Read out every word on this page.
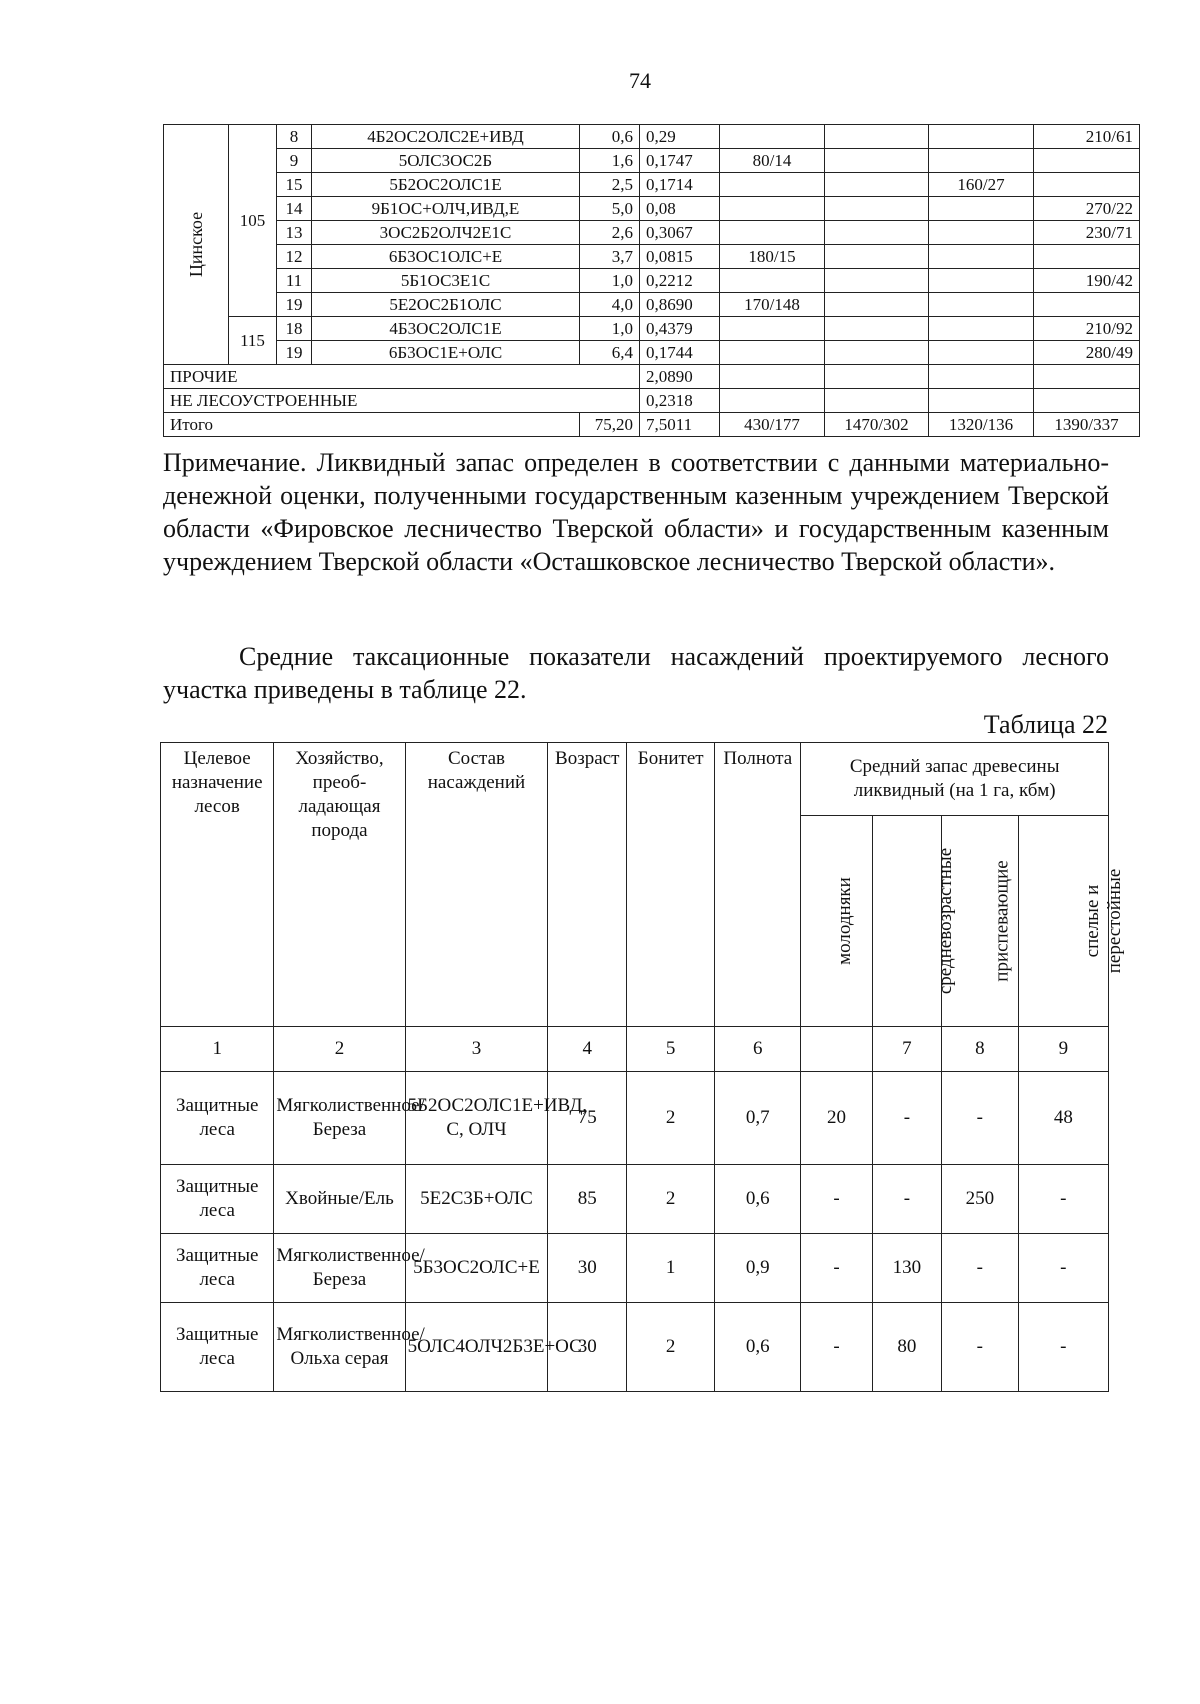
74
Цинское	105	8	4Б2ОС2ОЛС2Е+ИВД	0,6	0,29				210/61
		9	5ОЛС3ОС2Б	1,6	0,1747	80/14			
		15	5Б2ОС2ОЛС1Е	2,5	0,1714			160/27	
		14	9Б1ОС+ОЛЧ,ИВД,Е	5,0	0,08				270/22
		13	3ОС2Б2ОЛЧ2Е1С	2,6	0,3067				230/71
		12	6Б3ОС1ОЛС+Е	3,7	0,0815	180/15			
		11	5Б1ОС3Е1С	1,0	0,2212				190/42
		19	5Е2ОС2Б1ОЛС	4,0	0,8690	170/148			
	115	18	4Б3ОС2ОЛС1Е	1,0	0,4379				210/92
		19	6Б3ОС1Е+ОЛС	6,4	0,1744				280/49
ПРОЧИЕ					2,0890				
НЕ ЛЕСОУСТРОЕННЫЕ					0,2318				
Итого				75,20	7,5011	430/177	1470/302	1320/136	1390/337
Примечание. Ликвидный запас определен в соответствии с данными материально-денежной оценки, полученными государственным казенным учреждением Тверской области «Фировское лесничество Тверской области» и государственным казенным учреждением Тверской области «Осташковское лесничество Тверской области».
Средние таксационные показатели насаждений проектируемого лесного участка приведены в таблице 22.
Таблица 22
Целевое назначение лесов	Хозяйство, преоб-ладающая порода	Состав насаждений	Возраст	Бонитет	Полнота	Средний запас древесины ликвидный (на 1 га, кбм)			
						молодняки	средневозрастные	приспевающие	спелые и перестойные
1	2	3	4	5	6		7	8	9
Защитные леса	Мягколиственное/ Береза	5Б2ОС2ОЛС1Е+ИВД, С, ОЛЧ	75	2	0,7	20	-	-	48
Защитные леса	Хвойные/Ель	5Е2С3Б+ОЛС	85	2	0,6	-	-	250	-
Защитные леса	Мягколиственное/Береза	5Б3ОС2ОЛС+Е	30	1	0,9	-	130	-	-
Защитные леса	Мягколиственное/Ольха серая	5ОЛС4ОЛЧ2Б3Е+ОС	30	2	0,6	-	80	-	-
